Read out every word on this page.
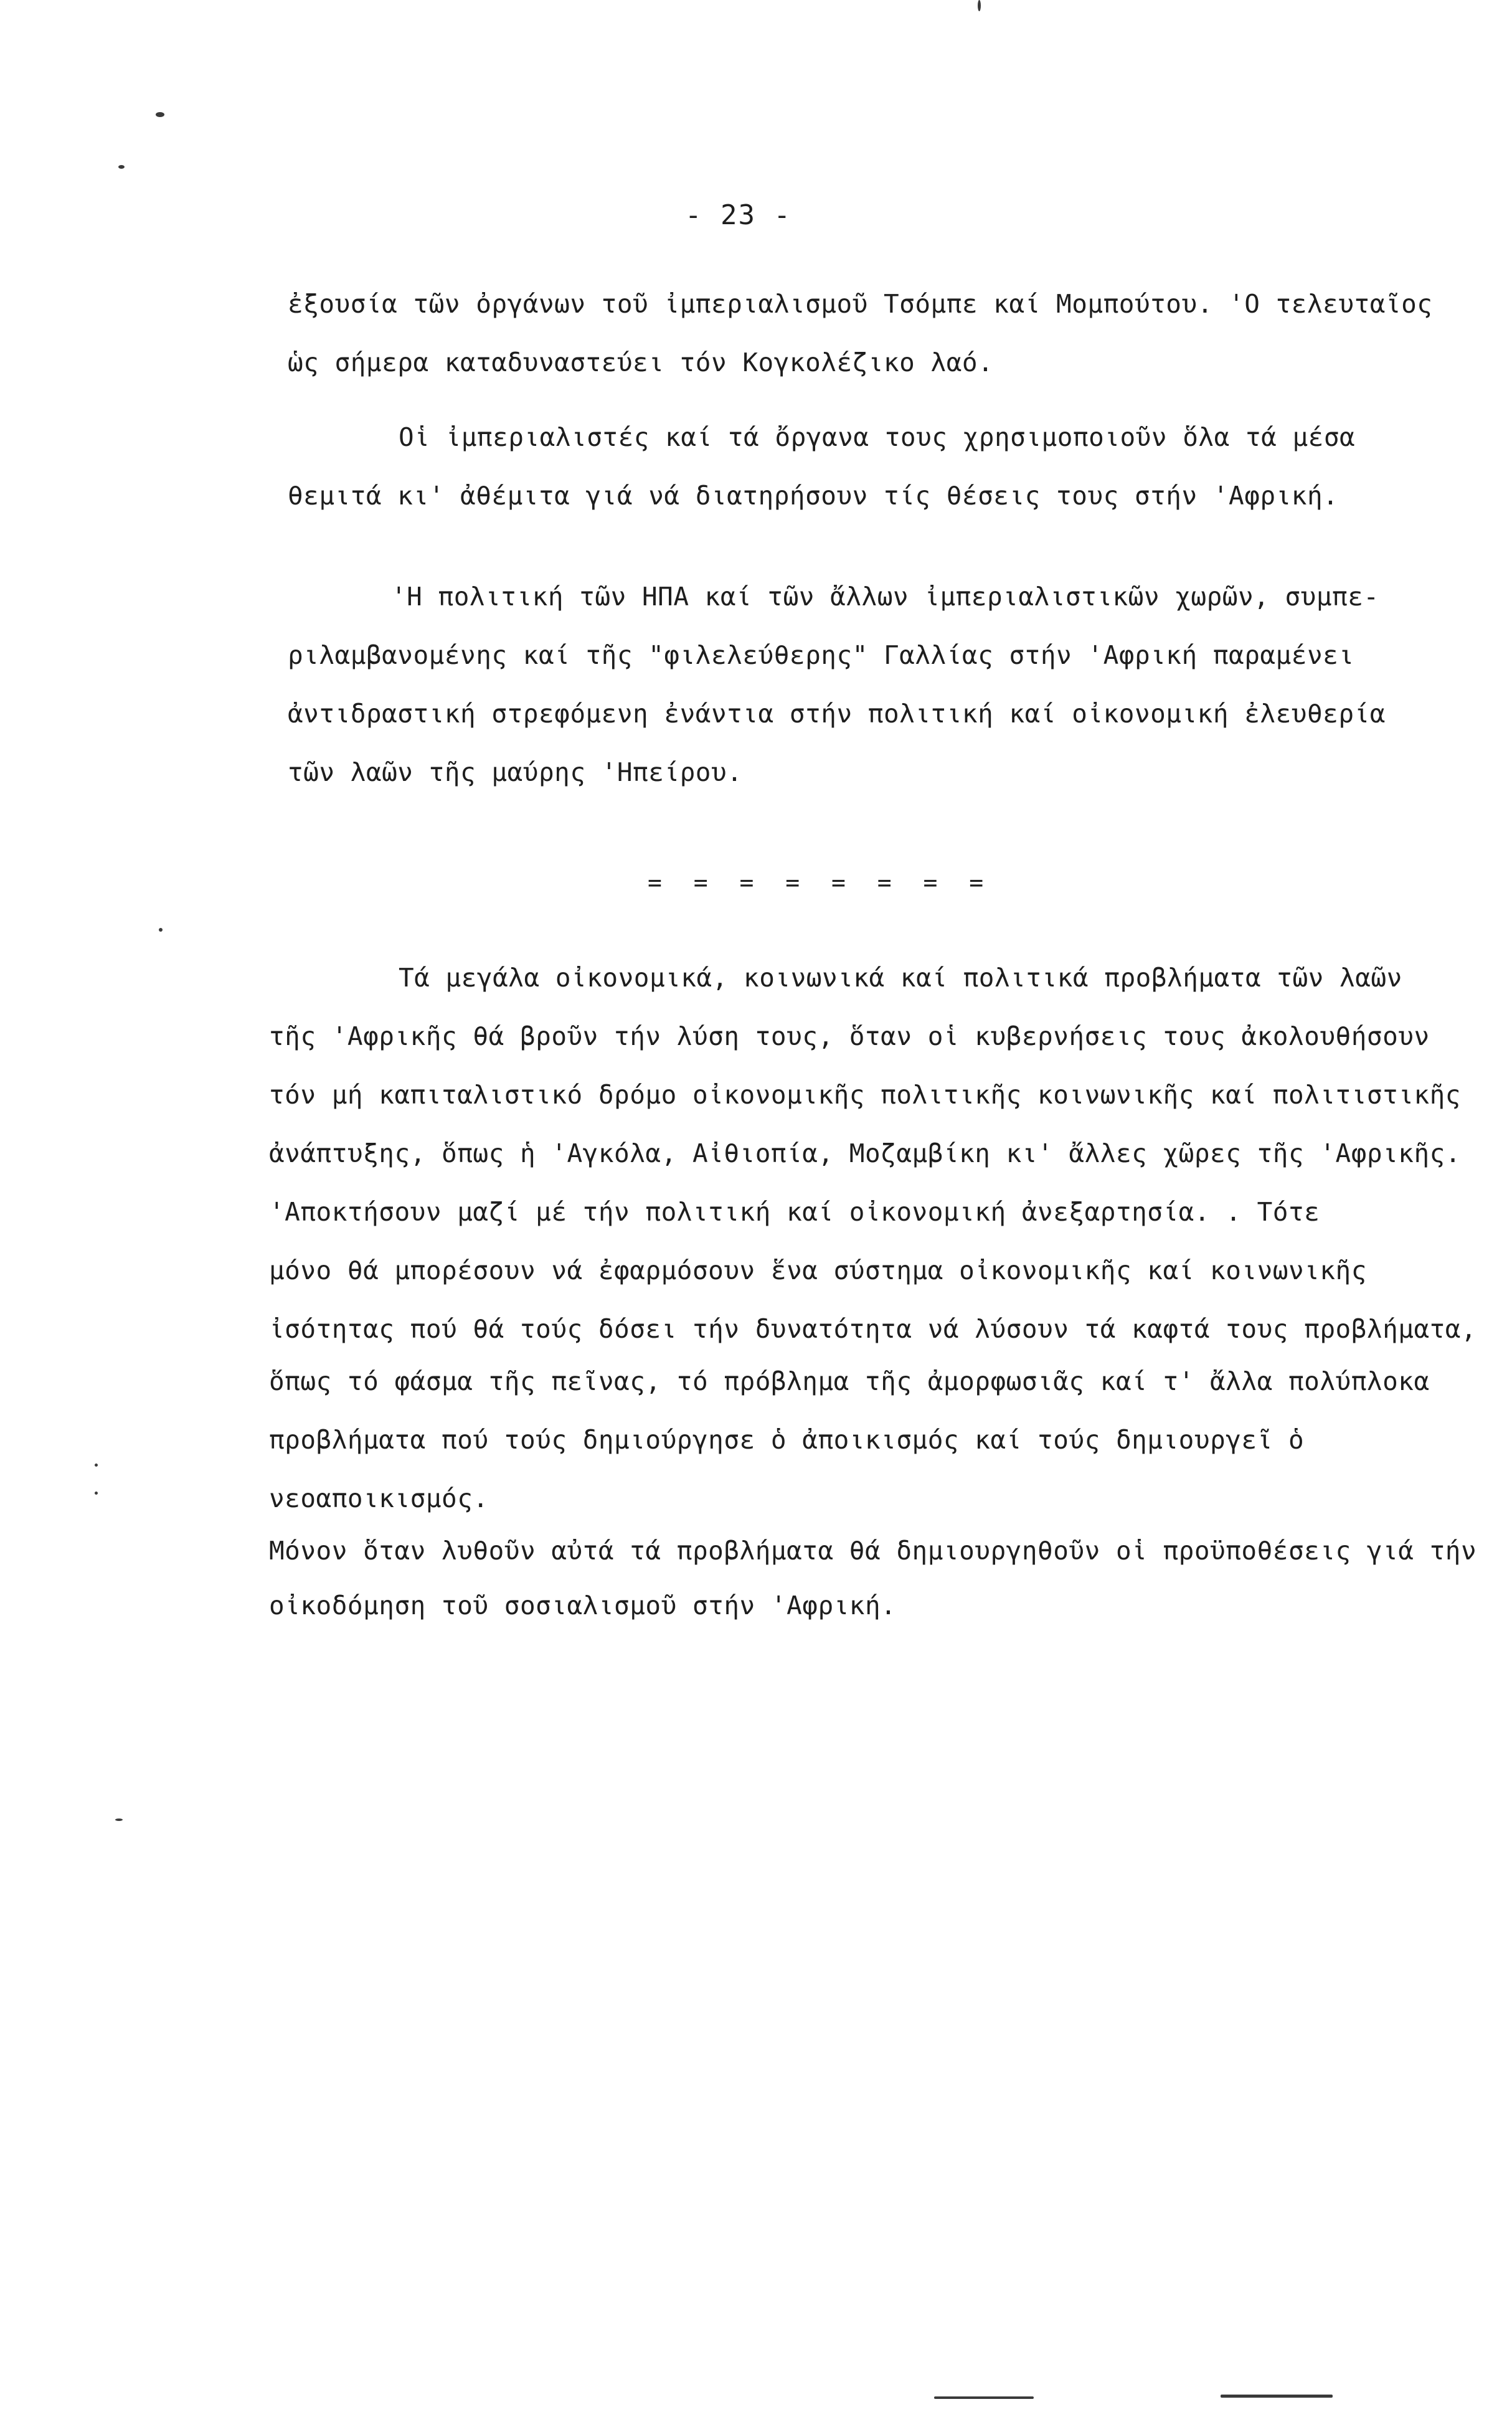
- 23 -
ἐξουσία τῶν ὀργάνων τοῦ ἰμπεριαλισμοῦ Τσόμπε καί Μομπούτου. 'Ο τελευταῖος
ὡς σήμερα καταδυναστεύει τόν Κογκολέζικο λαό.
Οἱ ἰμπεριαλιστές καί τά ὄργανα τους χρησιμοποιοῦν ὅλα τά μέσα
θεμιτά κι' ἀθέμιτα γιά νά διατηρήσουν τίς θέσεις τους στήν 'Αφρική.
'Η πολιτική τῶν ΗΠΑ καί τῶν ἄλλων ἰμπεριαλιστικῶν χωρῶν, συμπε-
ριλαμβανομένης καί τῆς "φιλελεύθερης" Γαλλίας στήν 'Αφρική παραμένει
ἀντιδραστική στρεφόμενη ἐνάντια στήν πολιτική καί οἰκονομική ἐλευθερία
τῶν λαῶν τῆς μαύρης 'Ηπείρου.
= = = = = = = =
Τά μεγάλα οἰκονομικά, κοινωνικά καί πολιτικά προβλήματα τῶν λαῶν
τῆς 'Αφρικῆς θά βροῦν τήν λύση τους, ὅταν οἱ κυβερνήσεις τους ἀκολουθήσουν
τόν μή καπιταλιστικό δρόμο οἰκονομικῆς πολιτικῆς κοινωνικῆς καί πολιτιστικῆς
ἀνάπτυξης, ὅπως ἡ 'Αγκόλα, Αἰθιοπία, Μοζαμβίκη κι' ἄλλες χῶρες τῆς 'Αφρικῆς.
'Αποκτήσουν μαζί μέ τήν πολιτική καί οἰκονομική ἀνεξαρτησία. . Τότε
μόνο θά μπορέσουν νά ἐφαρμόσουν ἕνα σύστημα οἰκονομικῆς καί κοινωνικῆς
ἰσότητας πού θά τούς δόσει τήν δυνατότητα νά λύσουν τά καφτά τους προβλήματα,
ὅπως τό φάσμα τῆς πεῖνας, τό πρόβλημα τῆς ἀμορφωσιᾶς καί τ' ἄλλα πολύπλοκα
προβλήματα πού τούς δημιούργησε ὁ ἀποικισμός καί τούς δημιουργεῖ ὁ
νεοαποικισμός.
Μόνον ὅταν λυθοῦν αὐτά τά προβλήματα θά δημιουργηθοῦν οἱ προϋποθέσεις γιά τήν
οἰκοδόμηση τοῦ σοσιαλισμοῦ στήν 'Αφρική.
